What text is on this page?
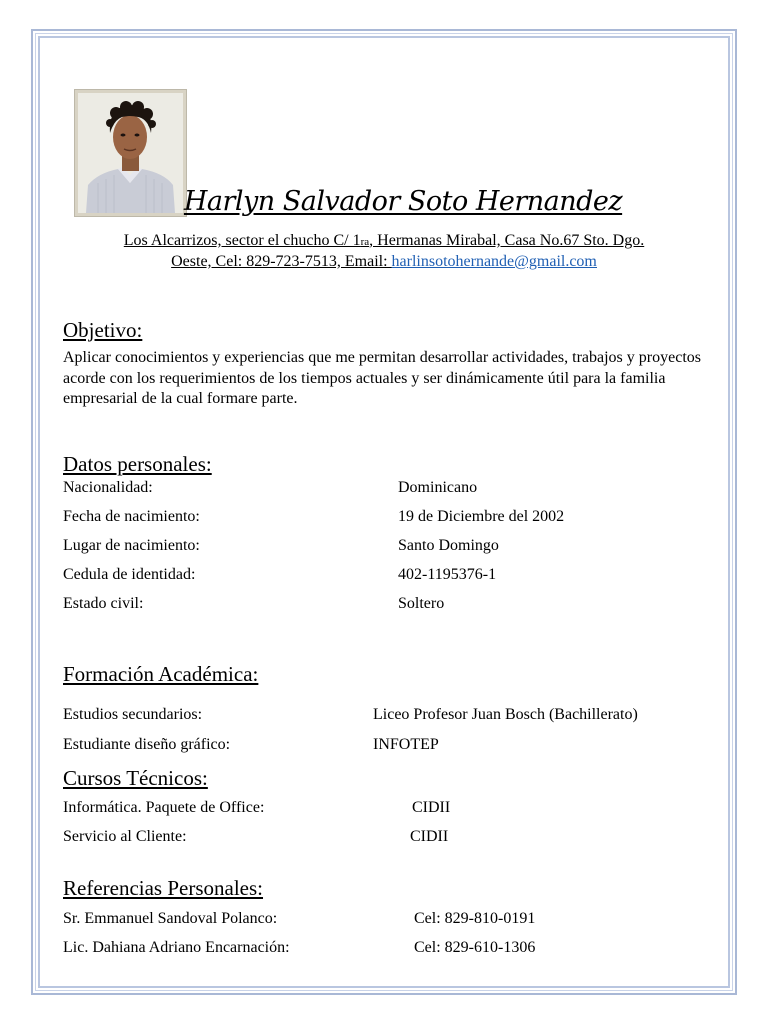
Harlyn Salvador Soto Hernandez
Los Alcarrizos, sector el chucho C/ 1ra, Hermanas Mirabal, Casa No.67 Sto. Dgo.
Oeste, Cel: 829-723-7513, Email: harlinsotohernande@gmail.com
Objetivo:
Aplicar conocimientos y experiencias que me permitan desarrollar actividades, trabajos y proyectos acorde con los requerimientos de los tiempos actuales y ser dinámicamente útil para la familia empresarial de la cual formare parte.
Datos personales:
Nacionalidad:	Dominicano
Fecha de nacimiento:	19 de Diciembre del 2002
Lugar de nacimiento:	Santo Domingo
Cedula de identidad:	402-1195376-1
Estado civil:	Soltero
Formación Académica:
Estudios secundarios:	Liceo Profesor Juan Bosch (Bachillerato)
Estudiante diseño gráfico:	INFOTEP
Cursos Técnicos:
Informática. Paquete de Office:	CIDII
Servicio al Cliente:	CIDII
Referencias Personales:
Sr. Emmanuel Sandoval Polanco:	Cel: 829-810-0191
Lic. Dahiana Adriano Encarnación:	Cel: 829-610-1306
